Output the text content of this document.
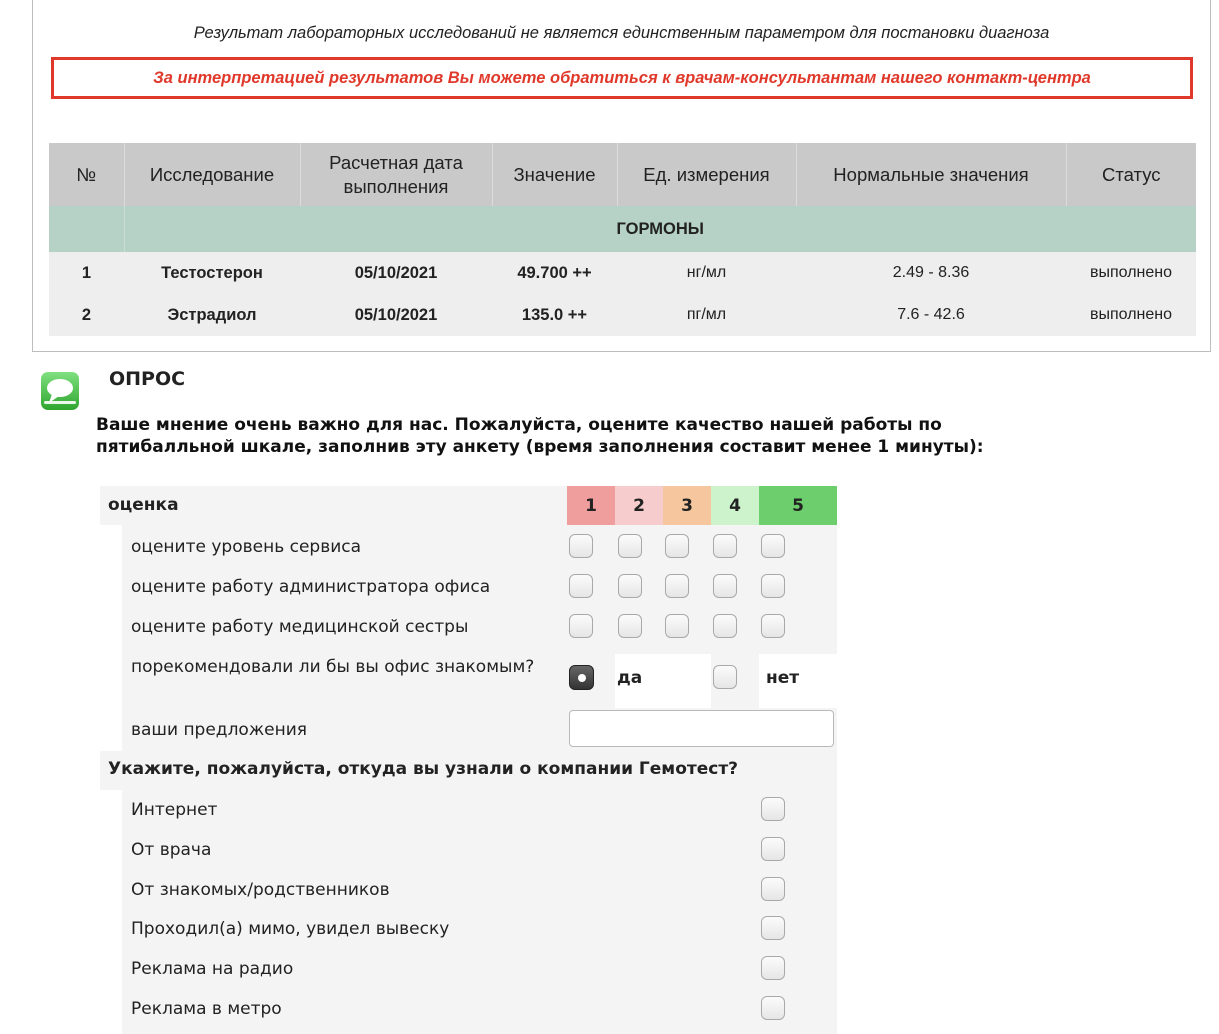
Результат лабораторных исследований не является единственным параметром для постановки диагноза
За интерпретацией результатов Вы можете обратиться к врачам-консультантам нашего контакт-центра
№	Исследование	Расчетная дата выполнения	Значение	Ед. измерения	Нормальные значения	Статус
	ГОРМОНЫ					
1	Тестостерон	05/10/2021	49.700 ++	нг/мл	2.49 - 8.36	выполнено
2	Эстрадиол	05/10/2021	135.0 ++	пг/мл	7.6 - 42.6	выполнено
ОПРОС
Ваше мнение очень важно для нас. Пожалуйста, оцените качество нашей работы по пятибалльной шкале, заполнив эту анкету (время заполнения составит менее 1 минуты):
оценка	1	2	3	4	5
оцените уровень сервиса
оцените работу администратора офиса
оцените работу медицинской сестры
порекомендовали ли бы вы офис знакомым?
да	нет
ваши предложения
Укажите, пожалуйста, откуда вы узнали о компании Гемотест?
Интернет
От врача
От знакомых/родственников
Проходил(а) мимо, увидел вывеску
Реклама на радио
Реклама в метро
